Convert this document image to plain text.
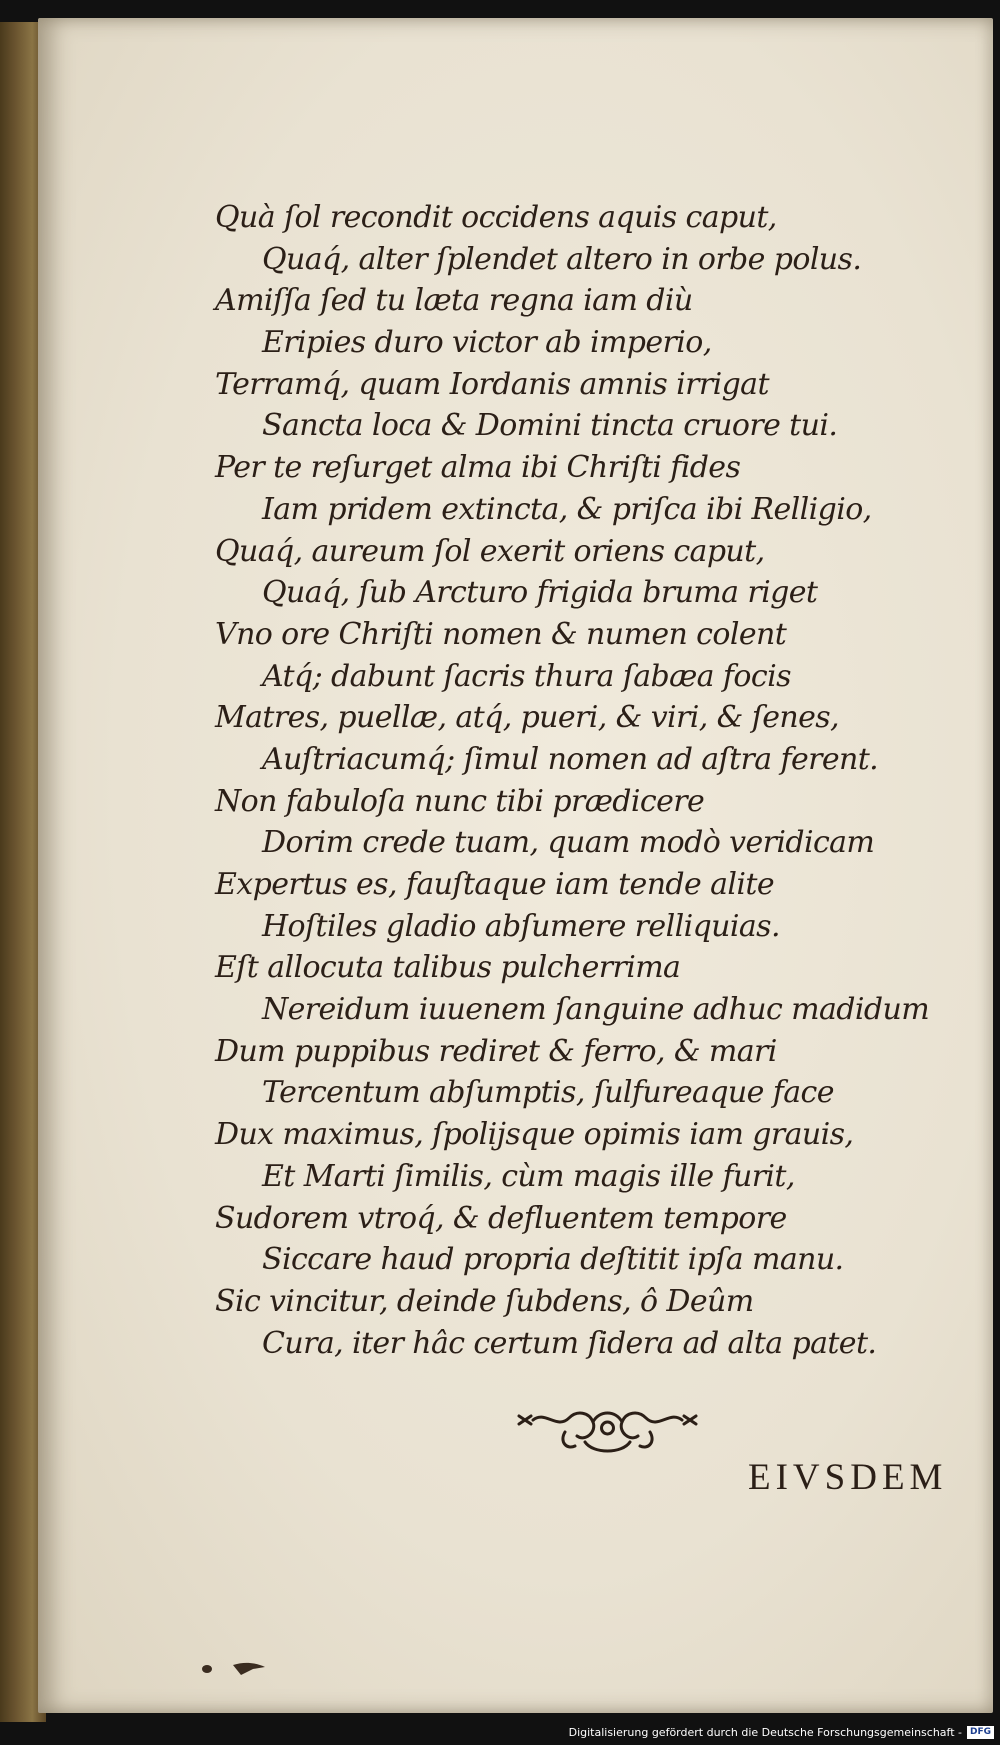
Quà ſol recondit occidens aquis caput,
Quaq́, alter ſplendet altero in orbe polus.
Amiſſa ſed tu læta regna iam diù
Eripies duro victor ab imperio,
Terramq́, quam Iordanis amnis irrigat
Sancta loca & Domini tincta cruore tui.
Per te reſurget alma ibi Chriſti fides
Iam pridem extincta, & priſca ibi Relligio,
Quaq́, aureum ſol exerit oriens caput,
Quaq́, ſub Arcturo frigida bruma riget
Vno ore Chriſti nomen & numen colent
Atq́; dabunt ſacris thura ſabæa focis
Matres, puellæ, atq́, pueri, & viri, & ſenes,
Auſtriacumq́; ſimul nomen ad aſtra ferent.
Non fabuloſa nunc tibi prædicere
Dorim crede tuam, quam modò veridicam
Expertus es, fauſtaque iam tende alite
Hoſtiles gladio abſumere relliquias.
Eſt allocuta talibus pulcherrima
Nereidum iuuenem ſanguine adhuc madidum
Dum puppibus rediret & ferro, & mari
Tercentum abſumptis, ſulfureaque face
Dux maximus, ſpolijsque opimis iam grauis,
Et Marti ſimilis, cùm magis ille furit,
Sudorem vtroq́, & defluentem tempore
Siccare haud propria deſtitit ipſa manu.
Sic vincitur, deinde ſubdens, ô Deûm
Cura, iter hâc certum ſidera ad alta patet.
EIVSDEM
Digitalisierung gefördert durch die Deutsche Forschungsgemeinschaft - DFG
